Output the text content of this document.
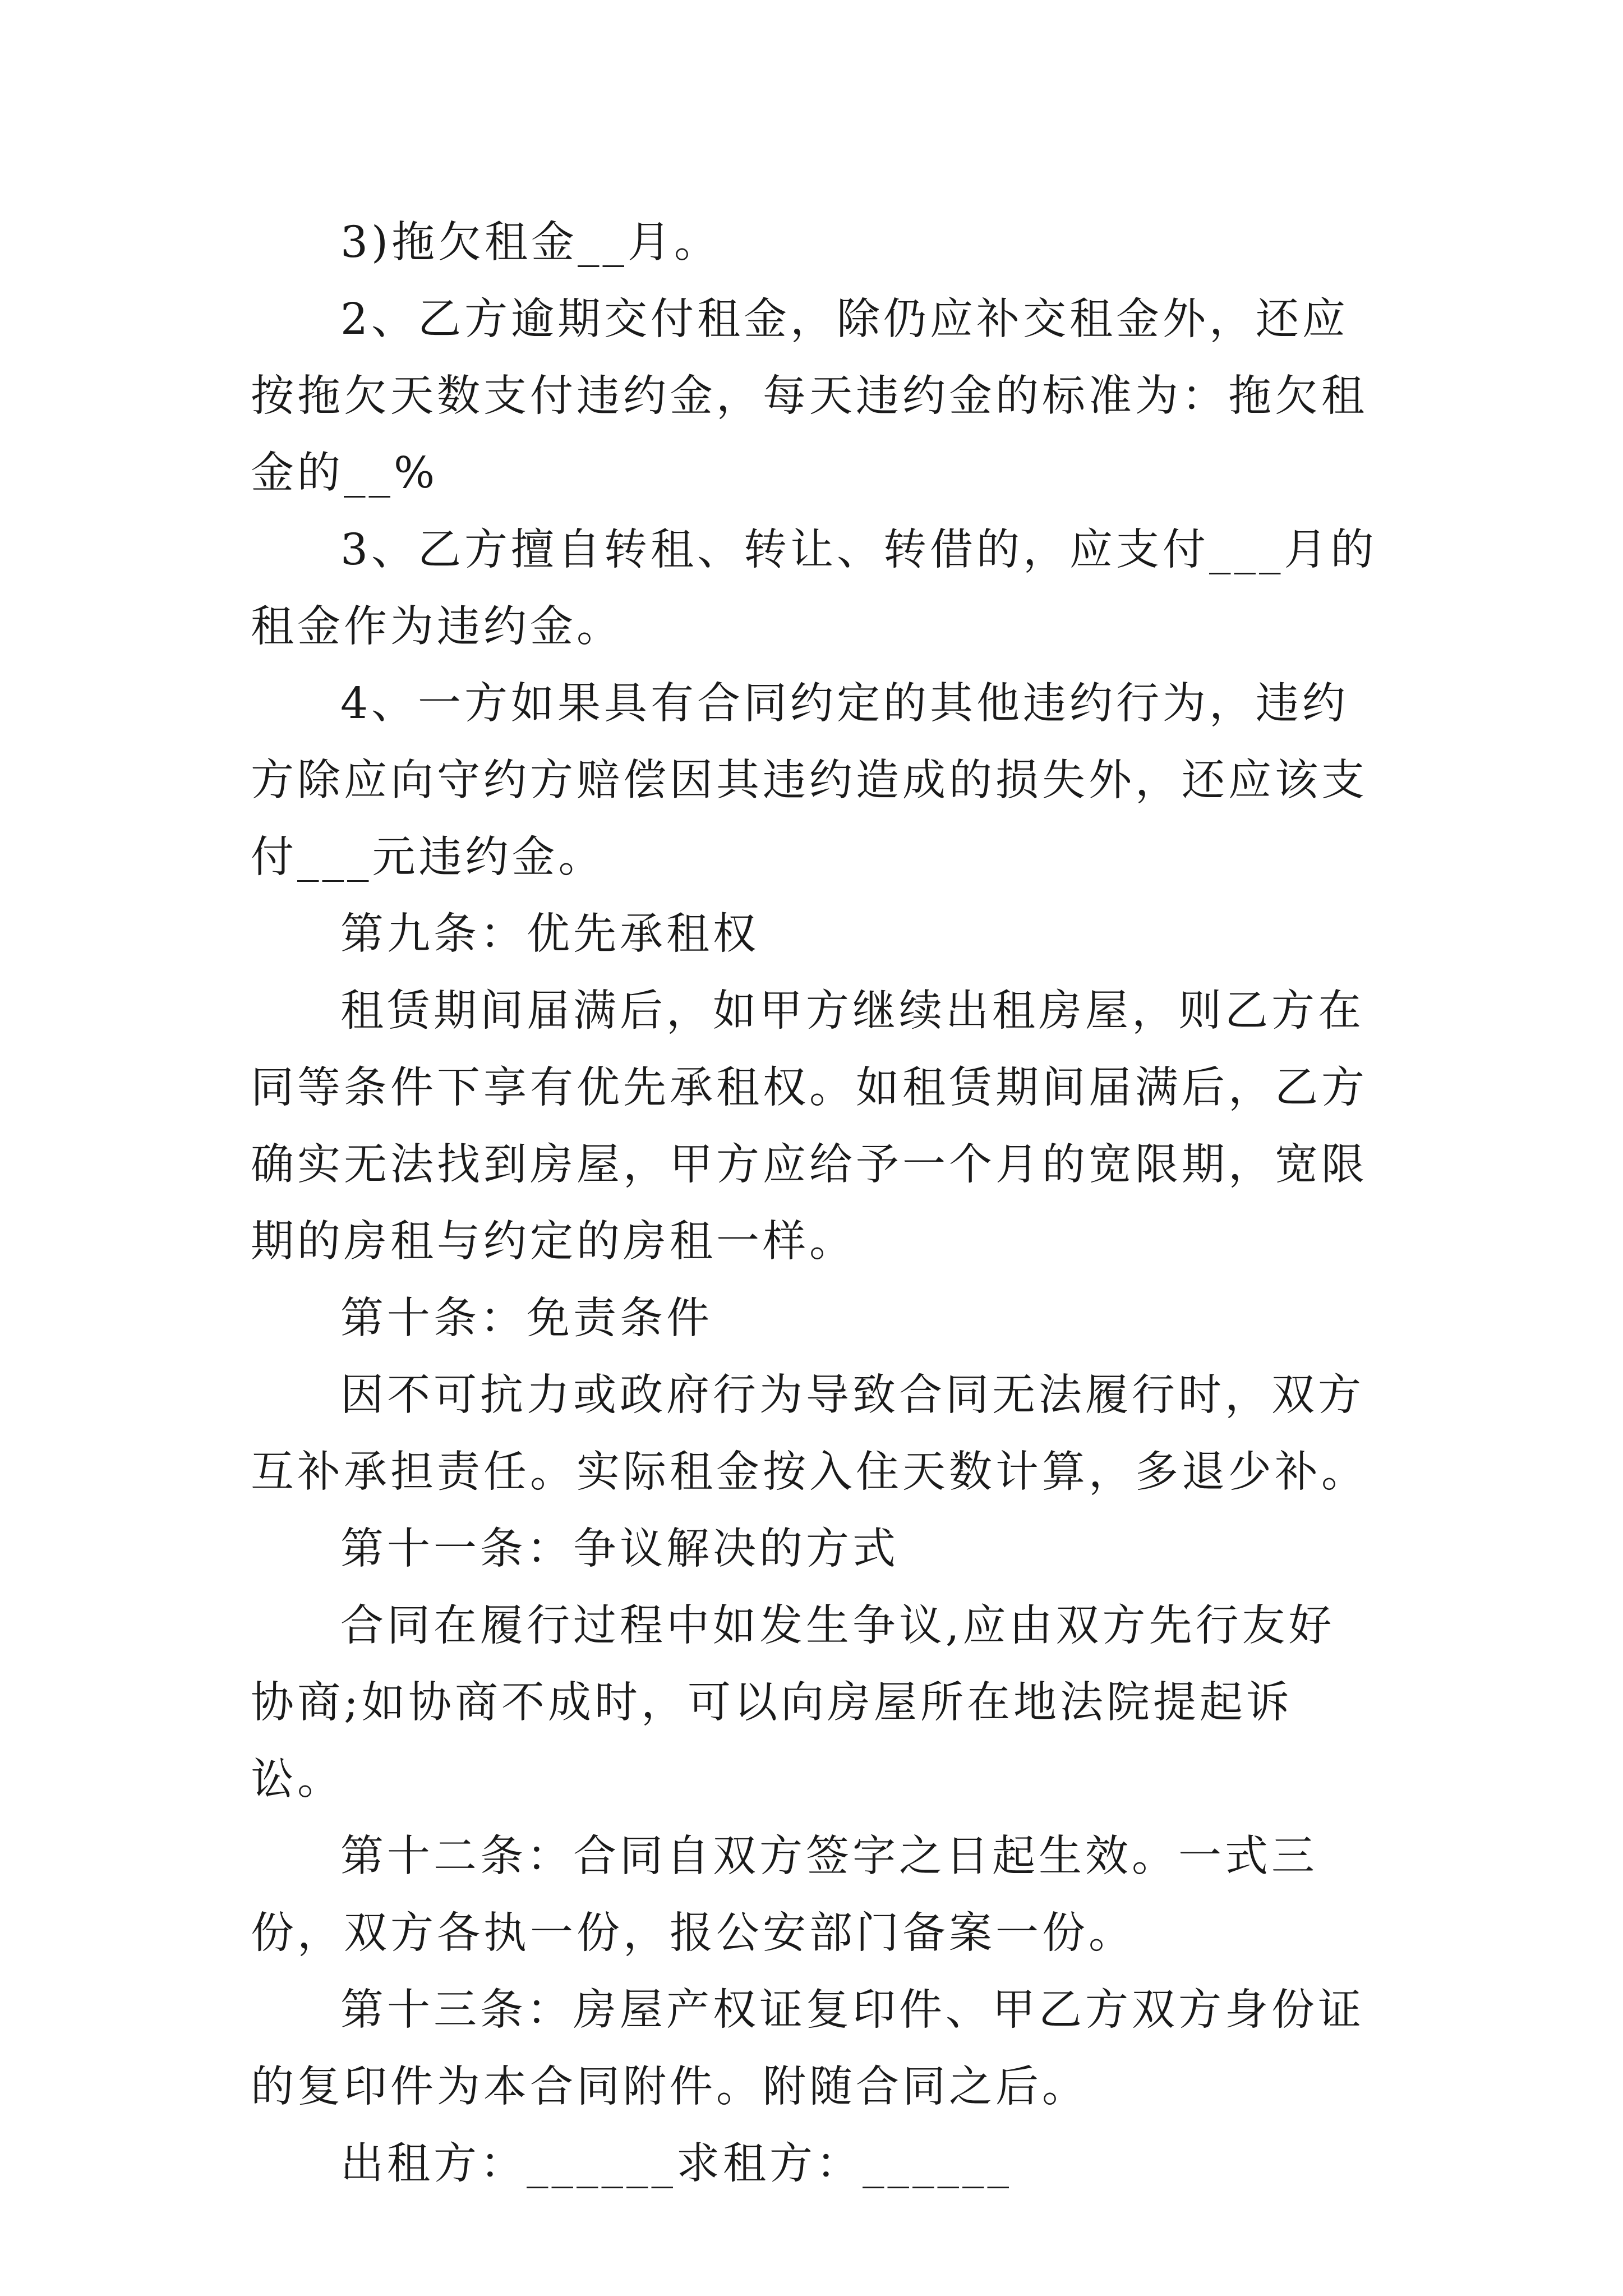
3)拖欠租金__月。

2、乙方逾期交付租金，除仍应补交租金外，还应按拖欠天数支付违约金，每天违约金的标准为：拖欠租金的__%

3、乙方擅自转租、转让、转借的，应支付___月的租金作为违约金。

4、一方如果具有合同约定的其他违约行为，违约方除应向守约方赔偿因其违约造成的损失外，还应该支付___元违约金。

第九条：优先承租权

租赁期间届满后，如甲方继续出租房屋，则乙方在同等条件下享有优先承租权。如租赁期间届满后，乙方确实无法找到房屋，甲方应给予一个月的宽限期，宽限期的房租与约定的房租一样。

第十条：免责条件

因不可抗力或政府行为导致合同无法履行时，双方互补承担责任。实际租金按入住天数计算，多退少补。

第十一条：争议解决的方式

合同在履行过程中如发生争议,应由双方先行友好协商;如协商不成时，可以向房屋所在地法院提起诉讼。

第十二条：合同自双方签字之日起生效。一式三份，双方各执一份，报公安部门备案一份。

第十三条：房屋产权证复印件、甲乙方双方身份证的复印件为本合同附件。附随合同之后。

出租方：______求租方：______
